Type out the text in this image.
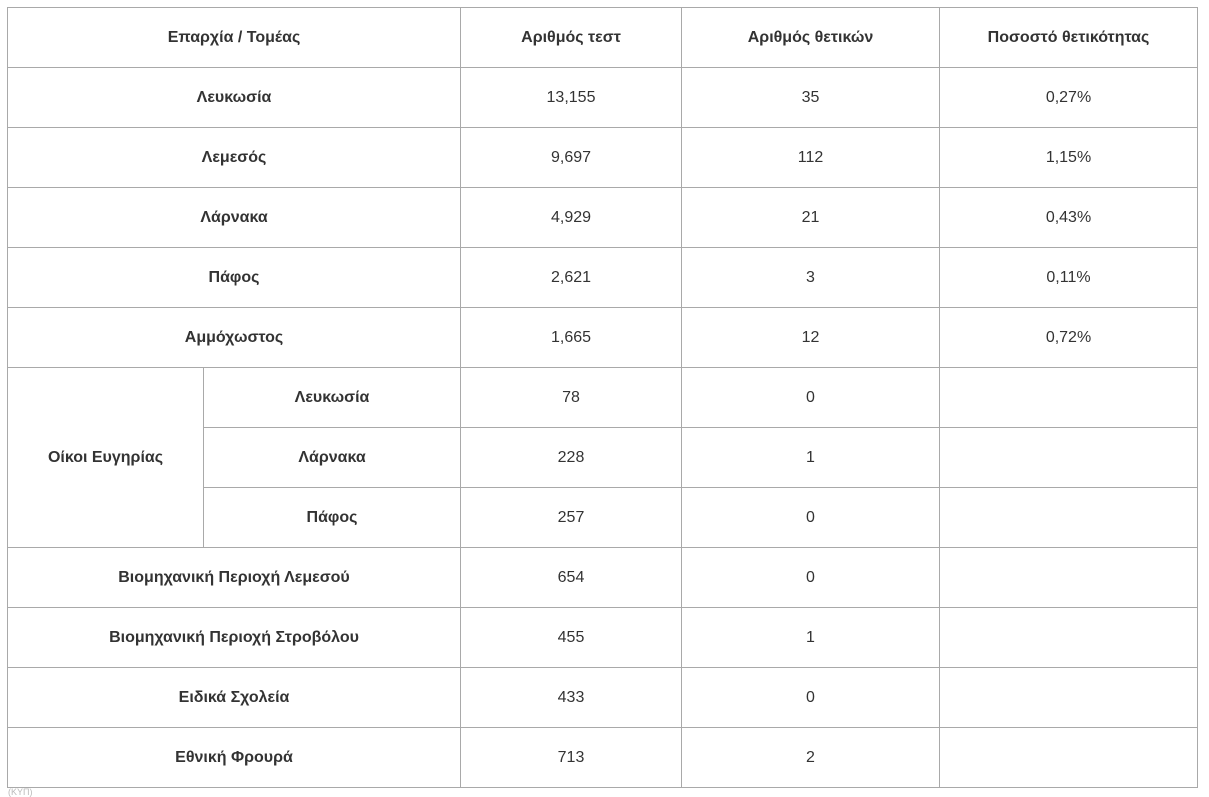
Επαρχία / Τομέας		Αριθμός τεστ	Αριθμός θετικών	Ποσοστό θετικότητας
Λευκωσία		13,155	35	0,27%
Λεμεσός		9,697	112	1,15%
Λάρνακα		4,929	21	0,43%
Πάφος		2,621	3	0,11%
Αμμόχωστος		1,665	12	0,72%
Οίκοι Ευγηρίας	Λευκωσία	78	0	
	Λάρνακα	228	1	
	Πάφος	257	0	
Βιομηχανική Περιοχή Λεμεσού		654	0	
Βιομηχανική Περιοχή Στροβόλου		455	1	
Ειδικά Σχολεία		433	0	
Εθνική Φρουρά		713	2	
(ΚΥΠ)
